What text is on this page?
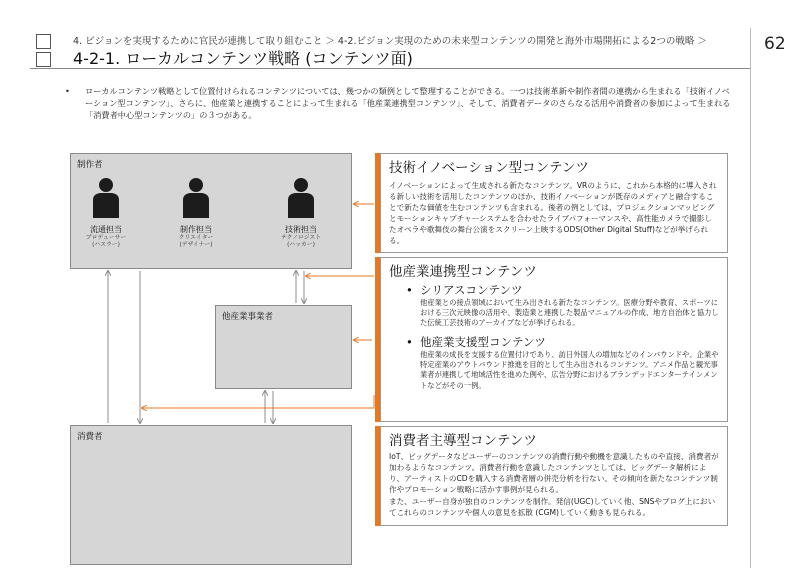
4. ビジョンを実現するために官民が連携して取り組むこと ＞ 4-2.ビジョン実現のための未来型コンテンツの開発と海外市場開拓による2つの戦略 ＞
4-2-1. ローカルコンテンツ戦略 (コンテンツ面)
62
• ローカルコンテンツ戦略として位置付けられるコンテンツについては、幾つかの類例として整理することができる。一つは技術革新や制作者間の連携から生まれる「技術イノベーション型コンテンツ」、さらに、他産業と連携することによって生まれる「他産業連携型コンテンツ」、そして、消費者データのさらなる活用や消費者の参加によって生まれる「消費者中心型コンテンツの」の３つがある。

制作者
流通担当
プロデューサー
(ハスラー)
制作担当
クリエイター
(デザイナー)
技術担当
テクノロジスト
(ハッカー)
他産業事業者
消費者
技術イノベーション型コンテンツ
イノベーションによって生成される新たなコンテンツ。VRのように、これから本格的に導入される新しい技術を活用したコンテンツのほか、技術イノベーションが既存のメディアと融合することで新たな価値を生むコンテンツも含まれる。後者の例としては、プロジェクションマッピングとモーションキャプチャーシステムを合わせたライブパフォーマンスや、高性能カメラで撮影したオペラや歌舞伎の舞台公演をスクリーン上映するODS(Other Digital Stuff)などが挙げられる。
他産業連携型コンテンツ
• シリアスコンテンツ
他産業との接点領域において生み出される新たなコンテンツ。医療分野や教育、スポーツにおける三次元映像の活用や、製造業と連携した製品マニュアルの作成、地方自治体と協力した伝統工芸技術のアーカイブなどが挙げられる。
• 他産業支援型コンテンツ
他産業の成長を支援する位置付けであり、訪日外国人の増加などのインバウンドや、企業や特定産業のアウトバウンド推進を目的として生み出されるコンテンツ。アニメ作品と観光事業者が連携して地域活性を進めた例や、広告分野におけるブランデッドエンターテインメントなどがその一例。
消費者主導型コンテンツ
IoT、ビッグデータなどユーザーのコンテンツの消費行動や動機を意識したものや直接、消費者が加わるようなコンテンツ。消費者行動を意識したコンテンツとしては、ビッグデータ解析により、アーティストのCDを購入する消費者層の併売分析を行ない、その傾向を新たなコンテンツ制作やプロモーション戦略に活かす事例が見られる。
また、ユーザー自身が独自のコンテンツを制作。発信(UGC)していく他、SNSやブログ上においてこれらのコンテンツや個人の意見を拡散 (CGM)していく動きも見られる。
